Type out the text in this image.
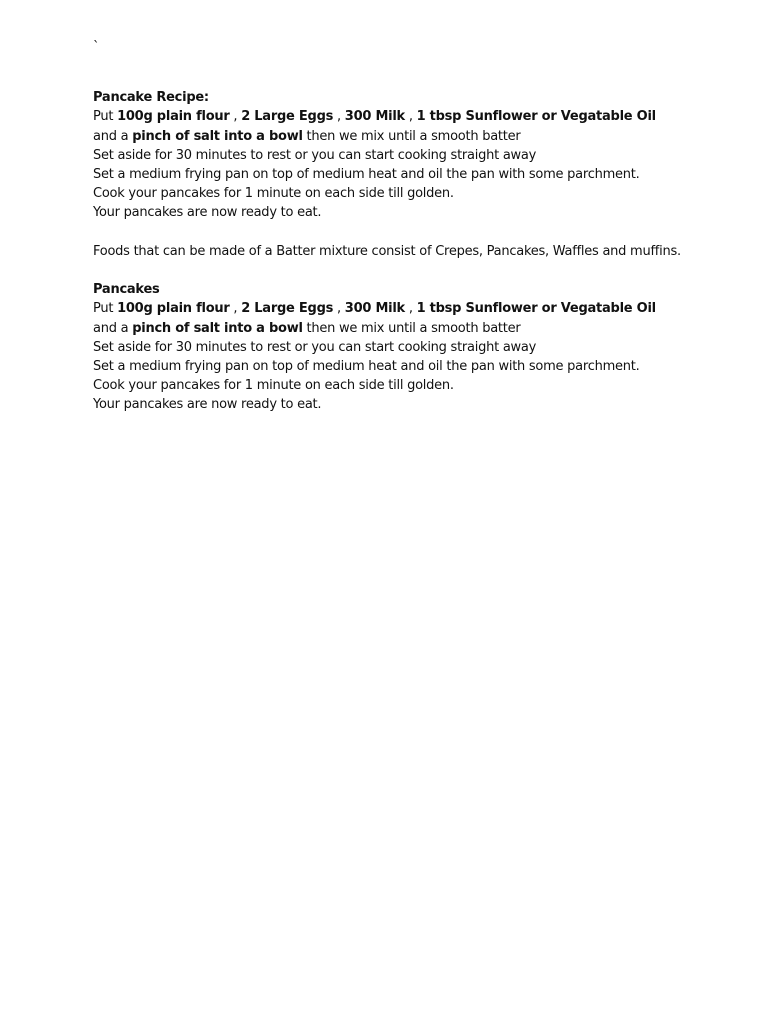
`
Pancake Recipe:
Put 100g plain flour , 2 Large Eggs , 300 Milk , 1 tbsp Sunflower or Vegatable Oil
and a pinch of salt into a bowl then we mix until a smooth batter
Set aside for 30 minutes to rest or you can start cooking straight away
Set a medium frying pan on top of medium heat and oil the pan with some parchment.
Cook your pancakes for 1 minute on each side till golden.
Your pancakes are now ready to eat.
Foods that can be made of a Batter mixture consist of Crepes, Pancakes, Waffles and muffins.
Pancakes
Put 100g plain flour , 2 Large Eggs , 300 Milk , 1 tbsp Sunflower or Vegatable Oil
and a pinch of salt into a bowl then we mix until a smooth batter
Set aside for 30 minutes to rest or you can start cooking straight away
Set a medium frying pan on top of medium heat and oil the pan with some parchment.
Cook your pancakes for 1 minute on each side till golden.
Your pancakes are now ready to eat.
